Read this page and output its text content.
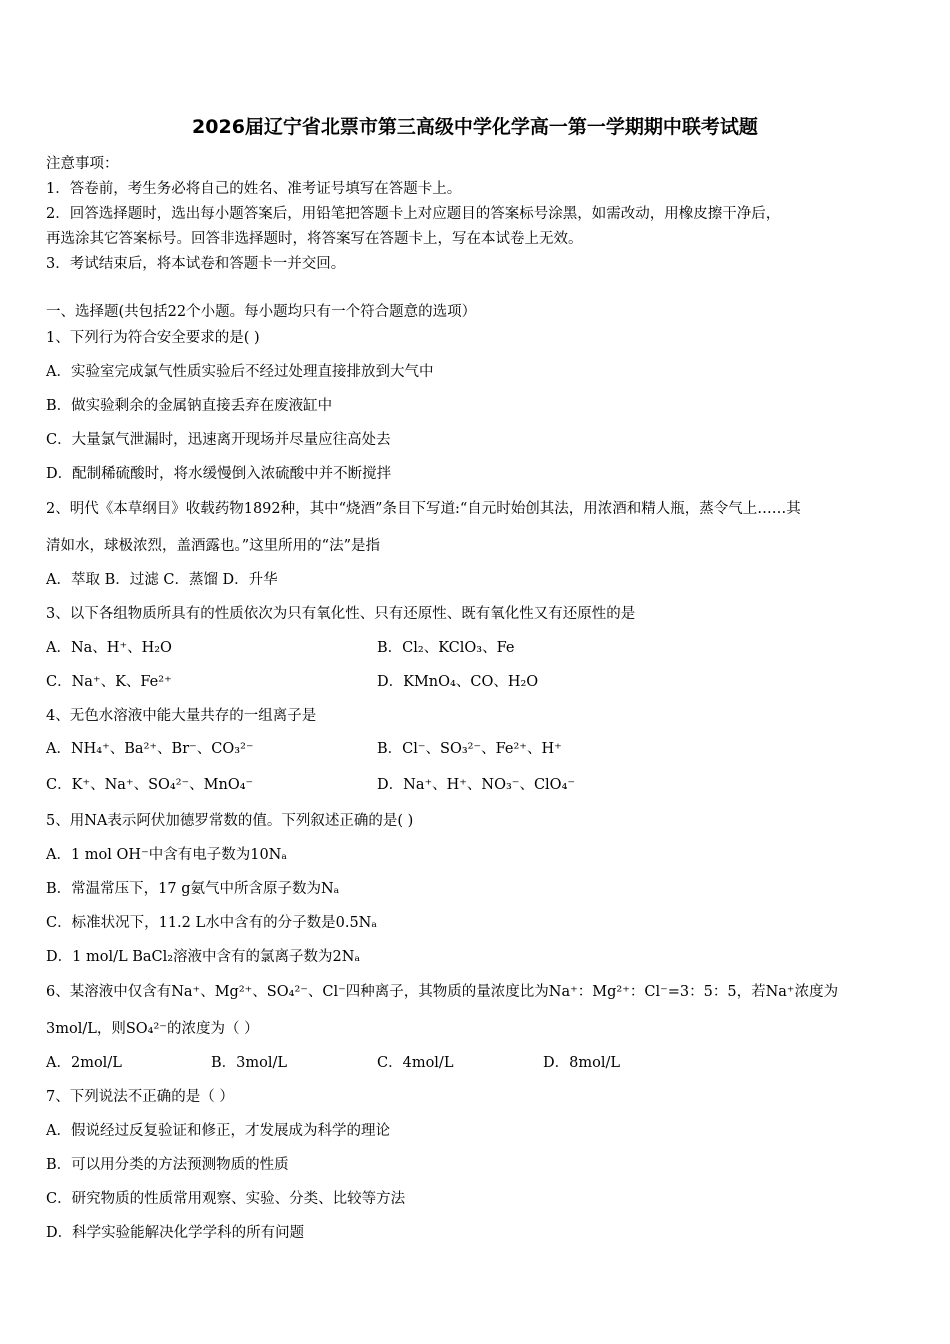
2026届辽宁省北票市第三高级中学化学高一第一学期期中联考试题
注意事项：
1．答卷前，考生务必将自己的姓名、准考证号填写在答题卡上。
2．回答选择题时，选出每小题答案后，用铅笔把答题卡上对应题目的答案标号涂黑，如需改动，用橡皮擦干净后，
再选涂其它答案标号。回答非选择题时，将答案写在答题卡上，写在本试卷上无效。
3．考试结束后，将本试卷和答题卡一并交回。
一、选择题(共包括22个小题。每小题均只有一个符合题意的选项）
1、下列行为符合安全要求的是( )
A．实验室完成氯气性质实验后不经过处理直接排放到大气中
B．做实验剩余的金属钠直接丢弃在废液缸中
C．大量氯气泄漏时，迅速离开现场并尽量应往高处去
D．配制稀硫酸时，将水缓慢倒入浓硫酸中并不断搅拌
2、明代《本草纲目》收载药物1892种，其中“烧酒”条目下写道:“自元时始创其法，用浓酒和精人瓶，蒸令气上……其
清如水，球极浓烈，盖酒露也。”这里所用的“法”是指
A．萃取 B．过滤 C．蒸馏 D．升华
3、以下各组物质所具有的性质依次为只有氧化性、只有还原性、既有氧化性又有还原性的是
A．Na、H⁺、H₂O	B．Cl₂、KClO₃、Fe
C．Na⁺、K、Fe²⁺	D．KMnO₄、CO、H₂O
4、无色水溶液中能大量共存的一组离子是
A．NH₄⁺、Ba²⁺、Br⁻、CO₃²⁻	B．Cl⁻、SO₃²⁻、Fe²⁺、H⁺
C．K⁺、Na⁺、SO₄²⁻、MnO₄⁻	D．Na⁺、H⁺、NO₃⁻、ClO₄⁻
5、用NA表示阿伏加德罗常数的值。下列叙述正确的是( )
A．1 mol OH⁻中含有电子数为10Nₐ
B．常温常压下，17 g氨气中所含原子数为Nₐ
C．标准状况下，11.2 L水中含有的分子数是0.5Nₐ
D．1 mol/L BaCl₂溶液中含有的氯离子数为2Nₐ
6、某溶液中仅含有Na⁺、Mg²⁺、SO₄²⁻、Cl⁻四种离子，其物质的量浓度比为Na⁺：Mg²⁺：Cl⁻=3：5：5，若Na⁺浓度为
3mol/L，则SO₄²⁻的浓度为（ ）
A．2mol/L	B．3mol/L	C．4mol/L	D．8mol/L
7、下列说法不正确的是（ ）
A．假说经过反复验证和修正，才发展成为科学的理论
B．可以用分类的方法预测物质的性质
C．研究物质的性质常用观察、实验、分类、比较等方法
D．科学实验能解决化学学科的所有问题
